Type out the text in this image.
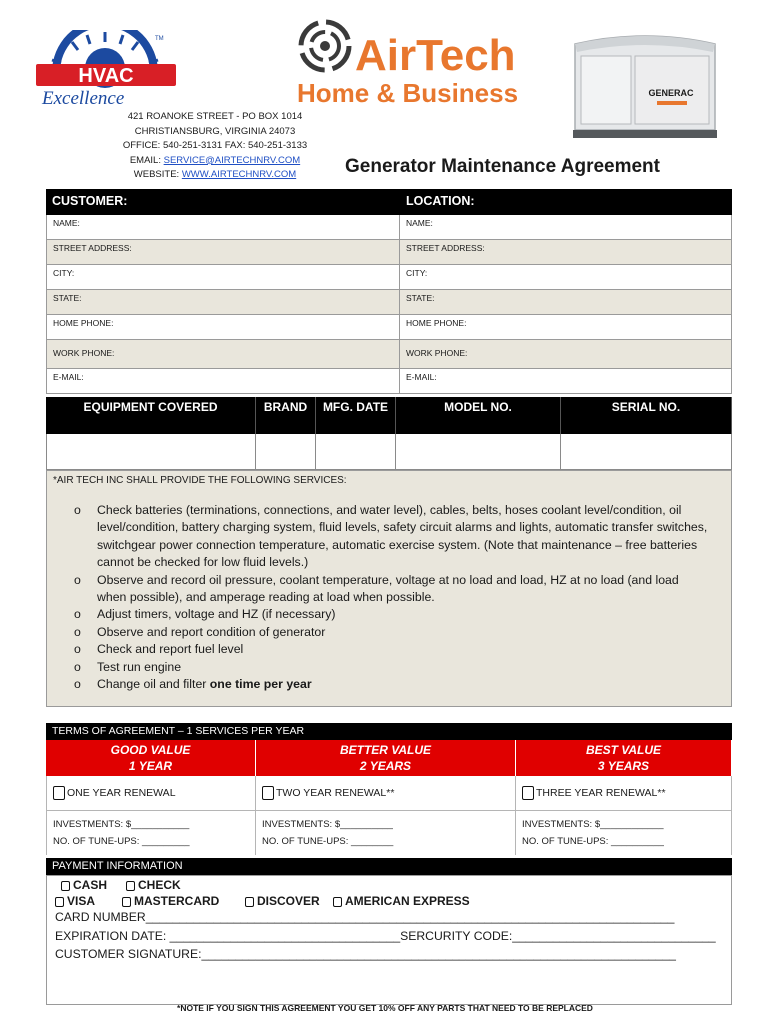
HVAC
Excellence
TM	AirTech
Home & Business	GENERAC
421 ROANOKE STREET - PO BOX 1014
CHRISTIANSBURG, VIRGINIA 24073
OFFICE: 540-251-3131 FAX: 540-251-3133
EMAIL: SERVICE@AIRTECHNRV.COM
WEBSITE: WWW.AIRTECHNRV.COM	Generator Maintenance Agreement
CUSTOMER:	LOCATION:
NAME:	NAME:
STREET ADDRESS:	STREET ADDRESS:
CITY:	CITY:
STATE:	STATE:
HOME PHONE:	HOME PHONE:
WORK PHONE:	WORK PHONE:
E-MAIL:	E-MAIL:
EQUIPMENT COVERED	BRAND	MFG. DATE	MODEL NO.	SERIAL NO.
*AIR TECH INC SHALL PROVIDE THE FOLLOWING SERVICES:
o Check batteries (terminations, connections, and water level), cables, belts, hoses coolant level/condition, oil level/condition, battery charging system, fluid levels, safety circuit alarms and lights, automatic transfer switches, switchgear power connection temperature, automatic exercise system. (Note that maintenance – free batteries cannot be checked for low fluid levels.)
o Observe and record oil pressure, coolant temperature, voltage at no load and load, HZ at no load (and load when possible), and amperage reading at load when possible.
o Adjust timers, voltage and HZ (if necessary)
o Observe and report condition of generator
o Check and report fuel level
o Test run engine
o Change oil and filter one time per year
TERMS OF AGREEMENT – 1 SERVICES PER YEAR
GOOD VALUE
1 YEAR
BETTER VALUE
2 YEARS
BEST VALUE
3 YEARS
ONE YEAR RENEWAL	TWO YEAR RENEWAL**	THREE YEAR RENEWAL**
INVESTMENTS: $___________
NO. OF TUNE-UPS: _________
INVESTMENTS: $__________
NO. OF TUNE-UPS: ________
INVESTMENTS: $____________
NO. OF TUNE-UPS: __________
PAYMENT INFORMATION
CASH	CHECK
VISA	MASTERCARD	DISCOVER	AMERICAN EXPRESS
CARD NUMBER______________________________________________________________________________
EXPIRATION DATE: __________________________________SERCURITY CODE:______________________________
CUSTOMER SIGNATURE:______________________________________________________________________
*NOTE IF YOU SIGN THIS AGREEMENT YOU GET 10% OFF ANY PARTS THAT NEED TO BE REPLACED
